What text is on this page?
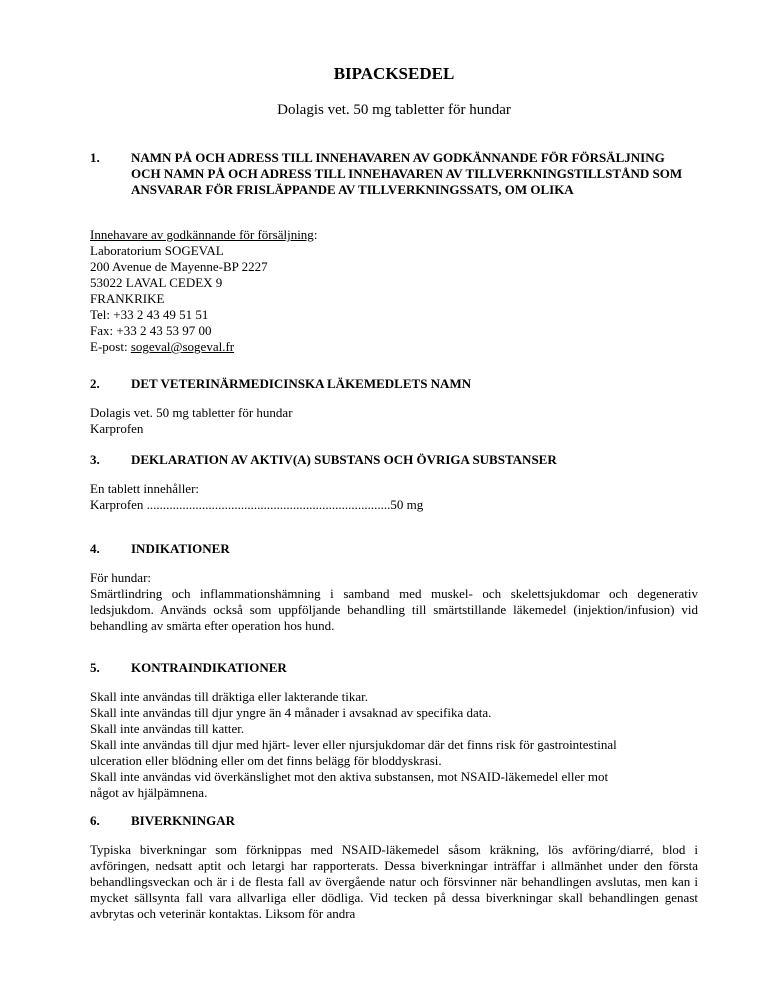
BIPACKSEDEL
Dolagis vet. 50 mg tabletter för hundar
1. NAMN PÅ OCH ADRESS TILL INNEHAVAREN AV GODKÄNNANDE FÖR FÖRSÄLJNING OCH NAMN PÅ OCH ADRESS TILL INNEHAVAREN AV TILLVERKNINGSTILLSTÅND SOM ANSVARAR FÖR FRISLÄPPANDE AV TILLVERKNINGSSATS, OM OLIKA
Innehavare av godkännande för försäljning:
Laboratorium SOGEVAL
200 Avenue de Mayenne-BP 2227
53022 LAVAL CEDEX 9
FRANKRIKE
Tel: +33 2 43 49 51 51
Fax: +33 2 43 53 97 00
E-post: sogeval@sogeval.fr
2. DET VETERINÄRMEDICINSKA LÄKEMEDLETS NAMN
Dolagis vet. 50 mg tabletter för hundar
Karprofen
3. DEKLARATION AV AKTIV(A) SUBSTANS OCH ÖVRIGA SUBSTANSER
En tablett innehåller:
Karprofen ...........................................................................50 mg
4. INDIKATIONER
För hundar:
Smärtlindring och inflammationshämning i samband med muskel- och skelettsjukdomar och degenerativ ledsjukdom. Används också som uppföljande behandling till smärtstillande läkemedel (injektion/infusion) vid behandling av smärta efter operation hos hund.
5. KONTRAINDIKATIONER
Skall inte användas till dräktiga eller lakterande tikar.
Skall inte användas till djur yngre än 4 månader i avsaknad av specifika data.
Skall inte användas till katter.
Skall inte användas till djur med hjärt- lever eller njursjukdomar där det finns risk för gastrointestinal
ulceration eller blödning eller om det finns belägg för bloddyskrasi.
Skall inte användas vid överkänslighet mot den aktiva substansen, mot NSAID-läkemedel eller mot
något av hjälpämnena.
6. BIVERKNINGAR
Typiska biverkningar som förknippas med NSAID-läkemedel såsom kräkning, lös avföring/diarré, blod i avföringen, nedsatt aptit och letargi har rapporterats. Dessa biverkningar inträffar i allmänhet under den första behandlingsveckan och är i de flesta fall av övergående natur och försvinner när behandlingen avslutas, men kan i mycket sällsynta fall vara allvarliga eller dödliga. Vid tecken på dessa biverkningar skall behandlingen genast avbrytas och veterinär kontaktas. Liksom för andra
